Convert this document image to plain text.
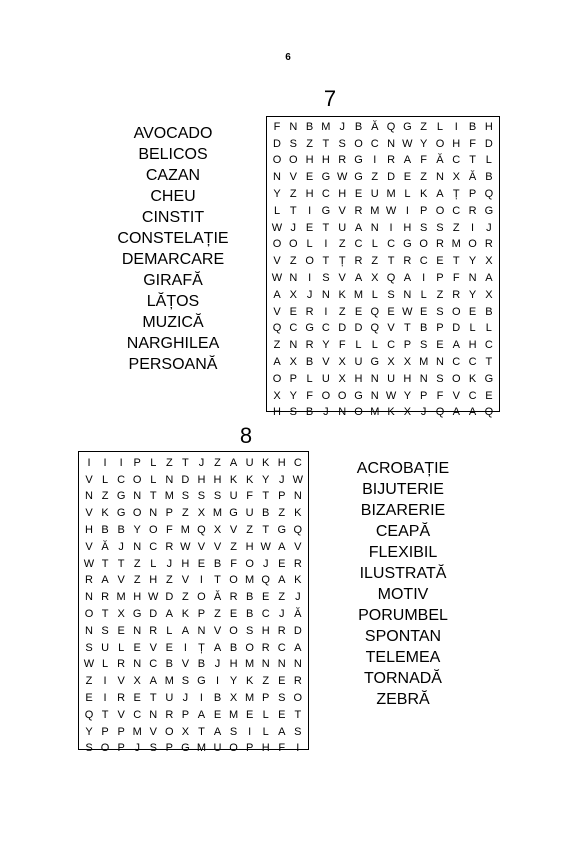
6
7
AVOCADO
BELICOS
CAZAN
CHEU
CINSTIT
CONSTELAȚIE
DEMARCARE
GIRAFĂ
LĂȚOS
MUZICĂ
NARGHILEA
PERSOANĂ
F N B M J B Ă Q G Z L	I	B H
D S Z T S O C N W Y O H F D
O O H H R G I R A F Ă C T L
N V E G W G Z D E Z N X Ă B
Y Z H C H E U M L K A Ț P Q
L T	I G V R M W I	P O C R G
W J E T U A N I H S S Z	I	J
O O L	I	Z C L C G O R M O R
V Z O T Ț R Z T R C E T Y X
W N I	S V A X Q A	I	P F N A
A X J N K M L S N L Z R Y X
V E R I	Z E Q E W E S O E B
Q C G C D D Q V T B P D L L
Z N R Y F L L C P S E A H C
A X B V X U G X X M N C C T
O P L U X H N U H N S O K G
X Y F O O G N W Y P F V C E
H S B J N O M K X J Q A A Q
8
I	I	I P L Z T J Z A U K H C
V L C O L N D H H K K Y J W
N Z G N T M S S S U F T P N
V K G O N P Z X M G U B Z K
H B B Y O F M Q X V Z T G Q
V Ă J N C R W V V Z H W A V
W T T Z L J H E B F O J E R
R A V Z H Z V I	T O M Q A K
N R M H W D Z O Ă R B E Z J
O T X G D A K P Z E B C J Ă
N S E N R L A N V O S H R D
S U L E V E I	Ț A B O R C A
W L R N C B V B J H M N N N
Z	I V X A M S G I Y K Z E R
E I R E T U J	I B X M P S O
Q T V C N R P A E M E L E T
Y P P M V O X T A S I	L A S
S O P J S P G M U O P H F	I
ACROBAȚIE
BIJUTERIE
BIZARERIE
CEAPĂ
FLEXIBIL
ILUSTRATĂ
MOTIV
PORUMBEL
SPONTAN
TELEMEA
TORNADĂ
ZEBRĂ
